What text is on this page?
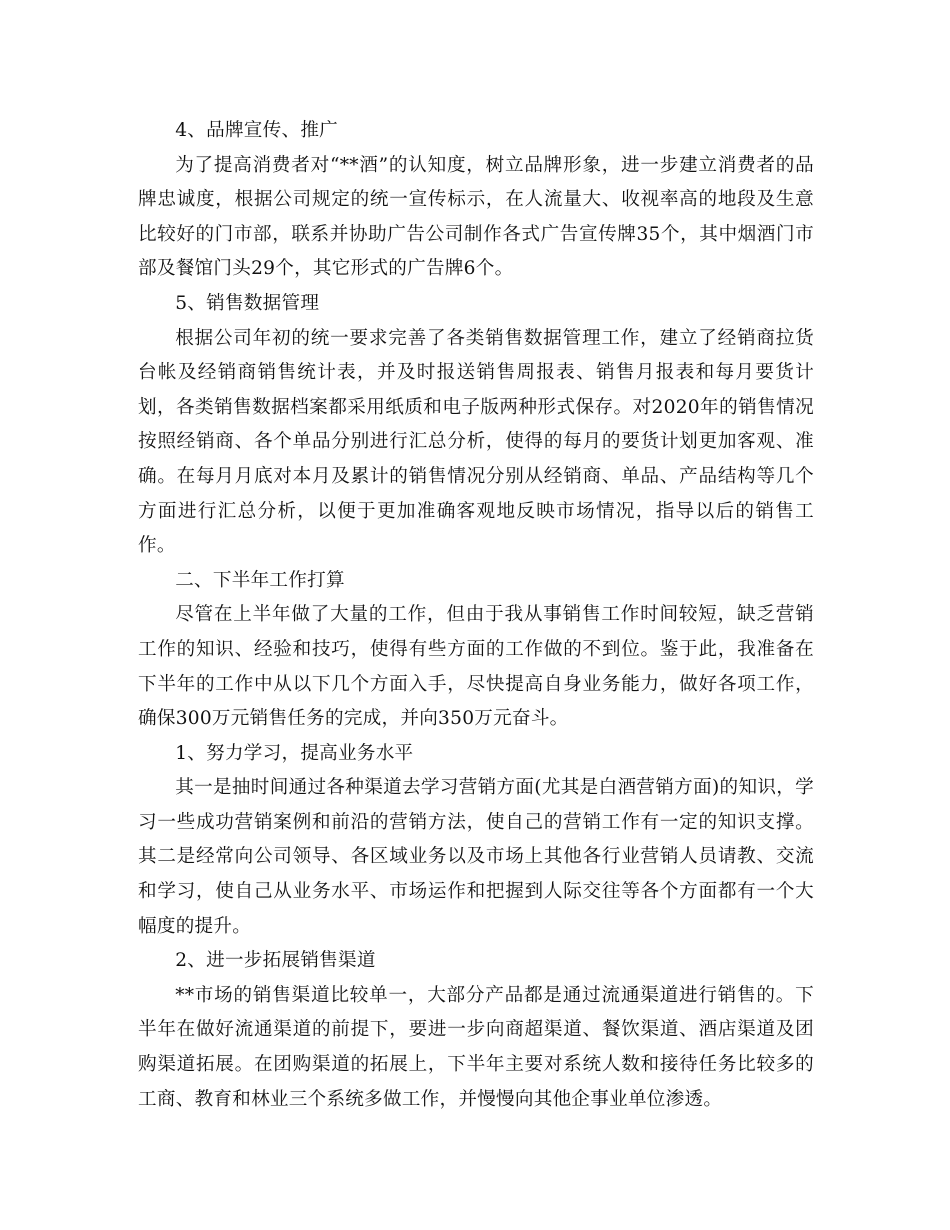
4、品牌宣传、推广

为了提高消费者对“**酒”的认知度，树立品牌形象，进一步建立消费者的品牌忠诚度，根据公司规定的统一宣传标示，在人流量大、收视率高的地段及生意比较好的门市部，联系并协助广告公司制作各式广告宣传牌35个，其中烟酒门市部及餐馆门头29个，其它形式的广告牌6个。

5、销售数据管理

根据公司年初的统一要求完善了各类销售数据管理工作，建立了经销商拉货台帐及经销商销售统计表，并及时报送销售周报表、销售月报表和每月要货计划，各类销售数据档案都采用纸质和电子版两种形式保存。对2020年的销售情况按照经销商、各个单品分别进行汇总分析，使得的每月的要货计划更加客观、准确。在每月月底对本月及累计的销售情况分别从经销商、单品、产品结构等几个方面进行汇总分析，以便于更加准确客观地反映市场情况，指导以后的销售工作。

二、下半年工作打算

尽管在上半年做了大量的工作，但由于我从事销售工作时间较短，缺乏营销工作的知识、经验和技巧，使得有些方面的工作做的不到位。鉴于此，我准备在下半年的工作中从以下几个方面入手，尽快提高自身业务能力，做好各项工作，确保300万元销售任务的完成，并向350万元奋斗。

1、努力学习，提高业务水平

其一是抽时间通过各种渠道去学习营销方面(尤其是白酒营销方面)的知识，学习一些成功营销案例和前沿的营销方法，使自己的营销工作有一定的知识支撑。其二是经常向公司领导、各区域业务以及市场上其他各行业营销人员请教、交流和学习，使自己从业务水平、市场运作和把握到人际交往等各个方面都有一个大幅度的提升。

2、进一步拓展销售渠道

**市场的销售渠道比较单一，大部分产品都是通过流通渠道进行销售的。下半年在做好流通渠道的前提下，要进一步向商超渠道、餐饮渠道、酒店渠道及团购渠道拓展。在团购渠道的拓展上，下半年主要对系统人数和接待任务比较多的工商、教育和林业三个系统多做工作，并慢慢向其他企事业单位渗透。
